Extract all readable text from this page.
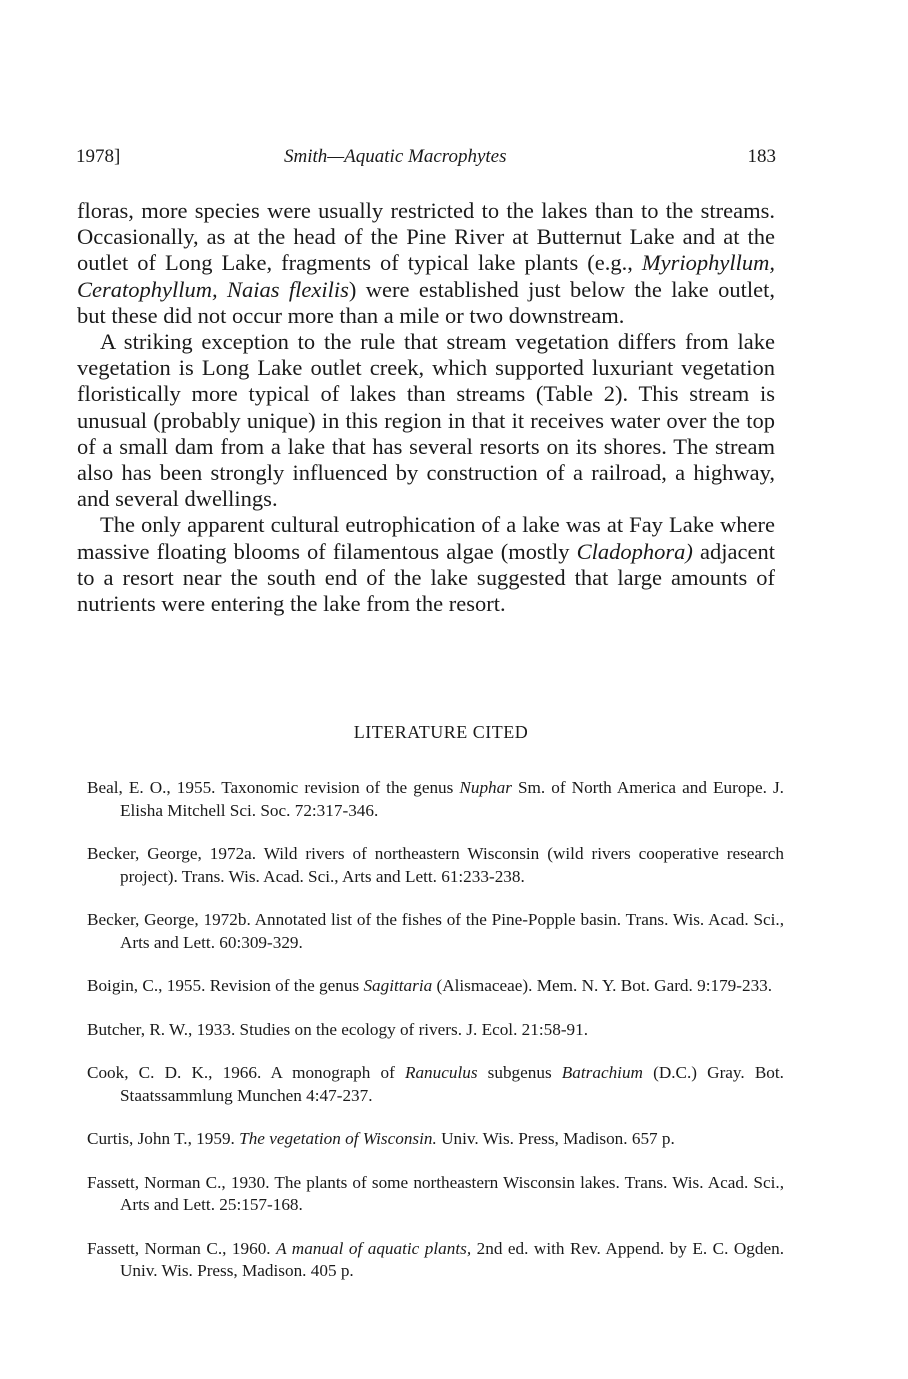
1978]	Smith—Aquatic Macrophytes	183

floras, more species were usually restricted to the lakes than to the streams. Occasionally, as at the head of the Pine River at Butternut Lake and at the outlet of Long Lake, fragments of typical lake plants (e.g., Myriophyllum, Ceratophyllum, Naias flexilis) were established just below the lake outlet, but these did not occur more than a mile or two downstream.

A striking exception to the rule that stream vegetation differs from lake vegetation is Long Lake outlet creek, which supported luxuriant vegetation floristically more typical of lakes than streams (Table 2). This stream is unusual (probably unique) in this region in that it receives water over the top of a small dam from a lake that has several resorts on its shores. The stream also has been strongly influenced by construction of a railroad, a highway, and several dwellings.

The only apparent cultural eutrophication of a lake was at Fay Lake where massive floating blooms of filamentous algae (mostly Cladophora) adjacent to a resort near the south end of the lake suggested that large amounts of nutrients were entering the lake from the resort.

LITERATURE CITED

Beal, E. O., 1955. Taxonomic revision of the genus Nuphar Sm. of North America and Europe. J. Elisha Mitchell Sci. Soc. 72:317-346.

Becker, George, 1972a. Wild rivers of northeastern Wisconsin (wild rivers cooperative research project). Trans. Wis. Acad. Sci., Arts and Lett. 61:233-238.

Becker, George, 1972b. Annotated list of the fishes of the Pine-Popple basin. Trans. Wis. Acad. Sci., Arts and Lett. 60:309-329.

Boigin, C., 1955. Revision of the genus Sagittaria (Alismaceae). Mem. N. Y. Bot. Gard. 9:179-233.

Butcher, R. W., 1933. Studies on the ecology of rivers. J. Ecol. 21:58-91.

Cook, C. D. K., 1966. A monograph of Ranuculus subgenus Batrachium (D.C.) Gray. Bot. Staatssammlung Munchen 4:47-237.

Curtis, John T., 1959. The vegetation of Wisconsin. Univ. Wis. Press, Madison. 657 p.

Fassett, Norman C., 1930. The plants of some northeastern Wisconsin lakes. Trans. Wis. Acad. Sci., Arts and Lett. 25:157-168.

Fassett, Norman C., 1960. A manual of aquatic plants, 2nd ed. with Rev. Append. by E. C. Ogden. Univ. Wis. Press, Madison. 405 p.
